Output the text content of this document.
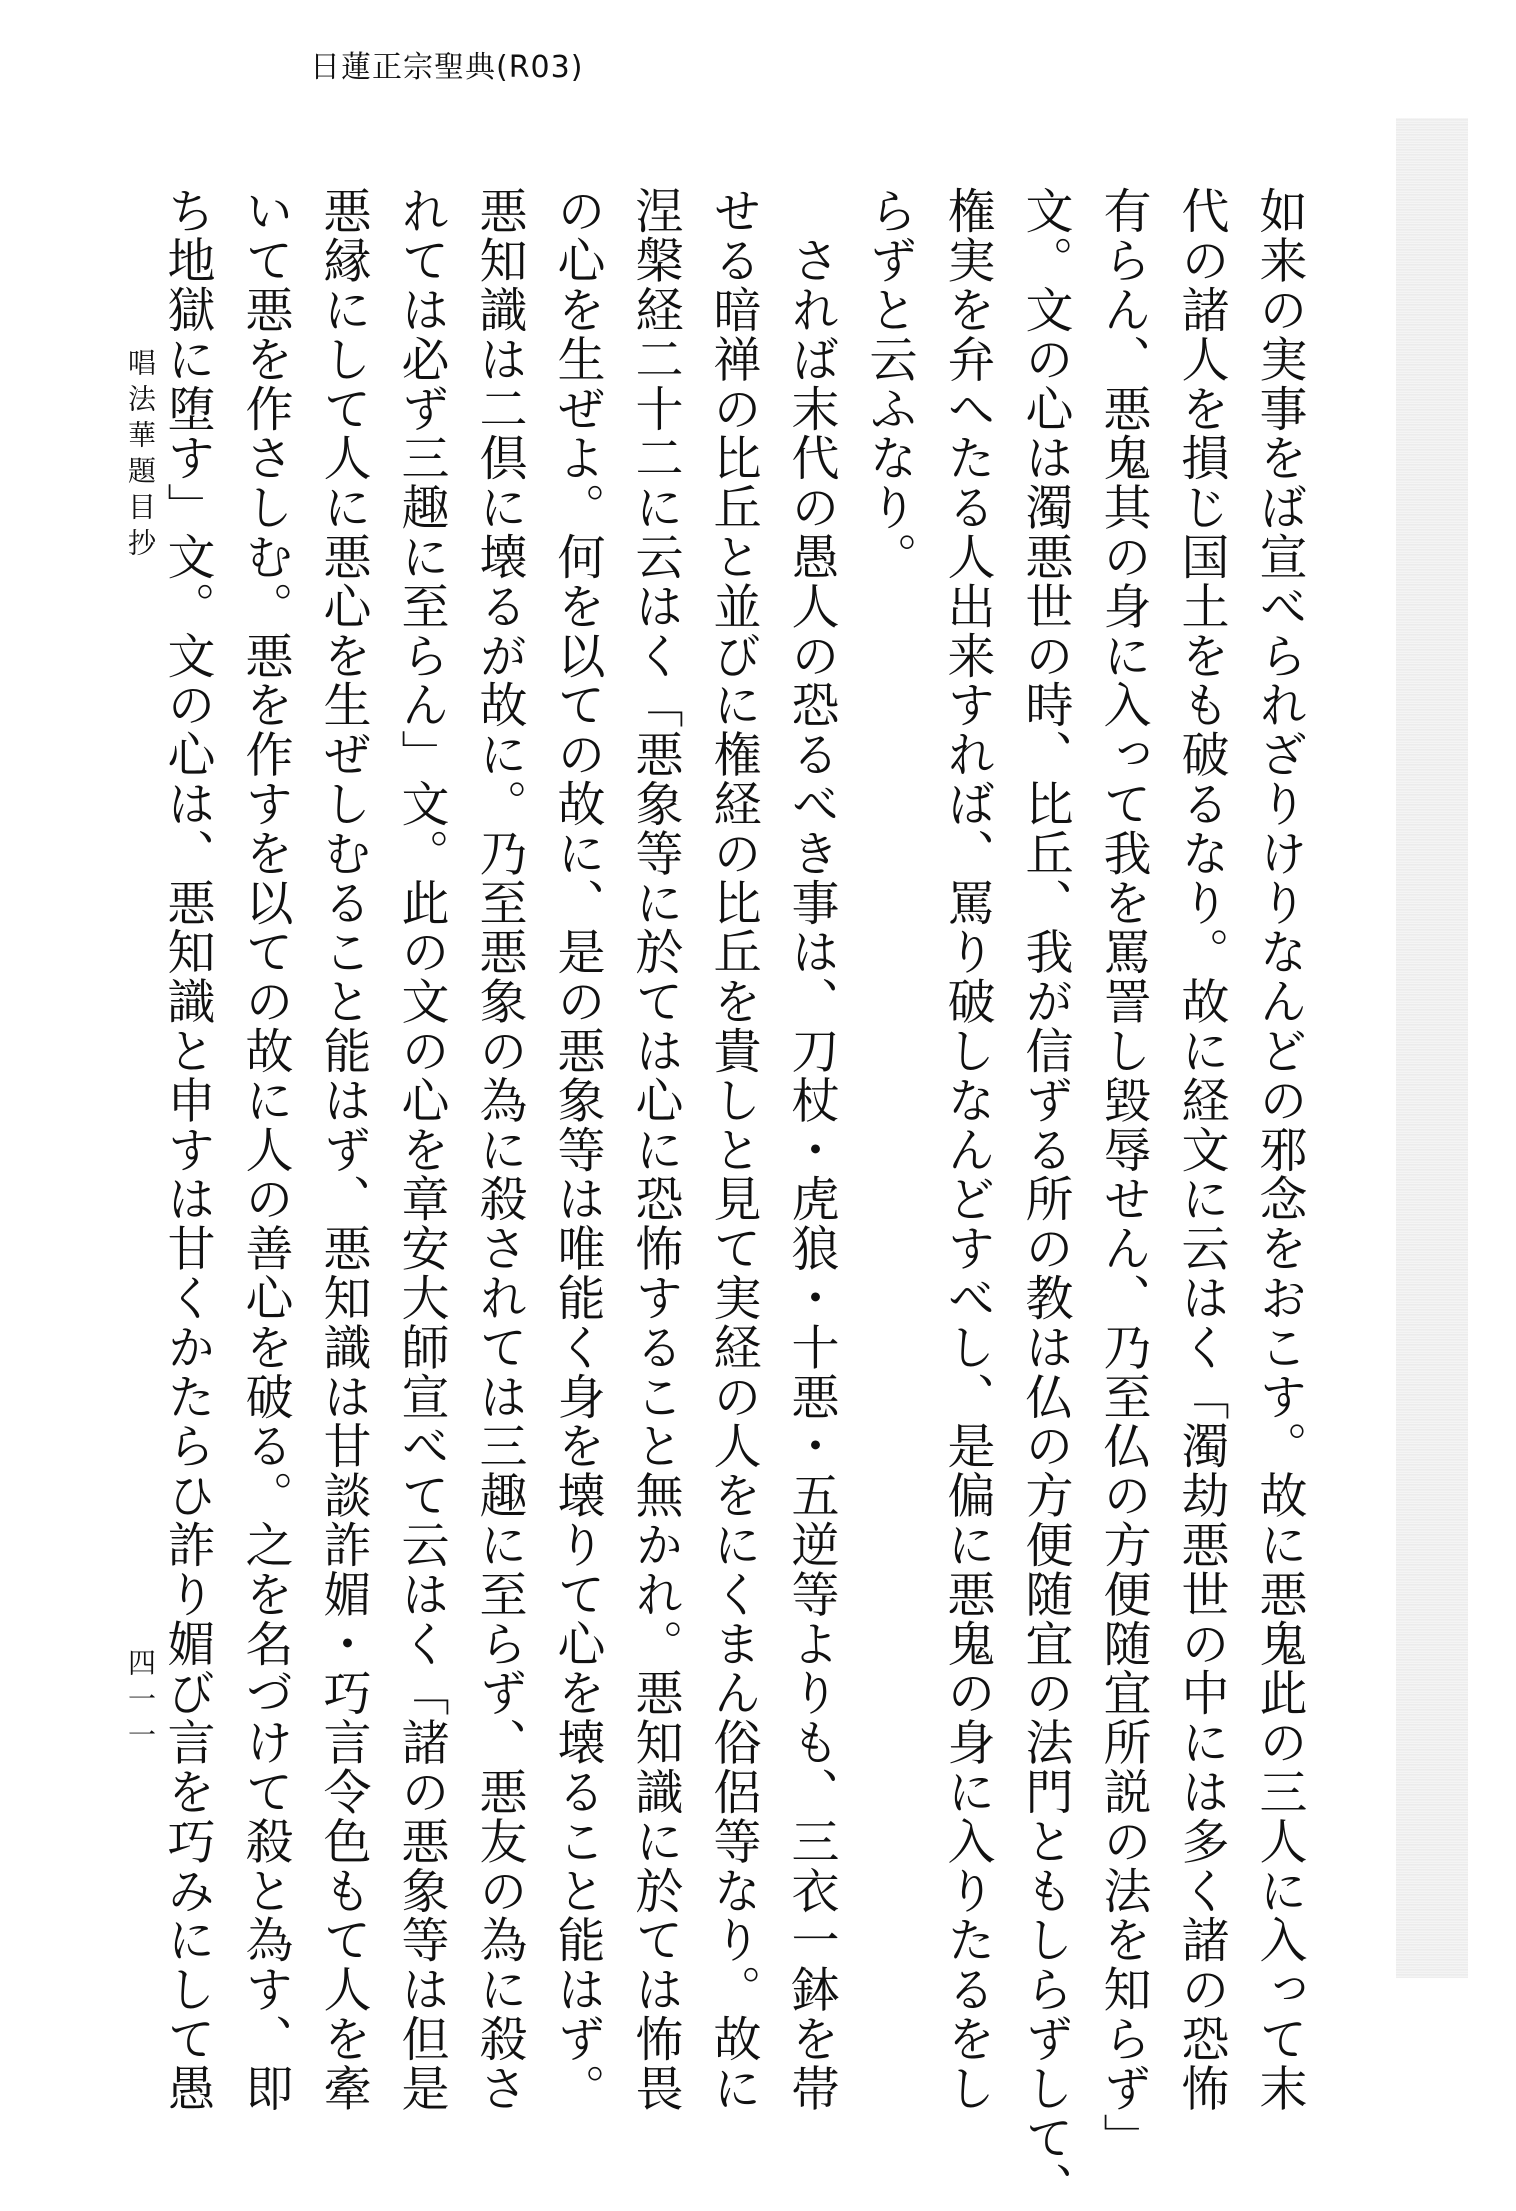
日蓮正宗聖典(R03)
如来の実事をば宣べられざりけりなんどの邪念をおこす。故に悪鬼此の三人に入って末
代の諸人を損じ国土をも破るなり。故に経文に云はく「濁劫悪世の中には多く諸の恐怖
有らん、悪鬼其の身に入って我を罵詈し毀辱せん、乃至仏の方便随宜所説の法を知らず」
文。文の心は濁悪世の時、比丘、我が信ずる所の教は仏の方便随宜の法門ともしらずして、
権実を弁へたる人出来すれば、罵り破しなんどすべし、是偏に悪鬼の身に入りたるをし
らずと云ふなり。
　されば末代の愚人の恐るべき事は、刀杖・虎狼・十悪・五逆等よりも、三衣一鉢を帯
せる暗禅の比丘と並びに権経の比丘を貴しと見て実経の人をにくまん俗侶等なり。故に
涅槃経二十二に云はく「悪象等に於ては心に恐怖すること無かれ。悪知識に於ては怖畏
の心を生ぜよ。何を以ての故に、是の悪象等は唯能く身を壊りて心を壊ること能はず。
悪知識は二倶に壊るが故に。乃至悪象の為に殺されては三趣に至らず、悪友の為に殺さ
れては必ず三趣に至らん」文。此の文の心を章安大師宣べて云はく「諸の悪象等は但是
悪縁にして人に悪心を生ぜしむること能はず、悪知識は甘談詐媚・巧言令色もて人を牽
いて悪を作さしむ。悪を作すを以ての故に人の善心を破る。之を名づけて殺と為す、即
ち地獄に堕す」文。文の心は、悪知識と申すは甘くかたらひ詐り媚び言を巧みにして愚
唱法華題目抄
四一一
